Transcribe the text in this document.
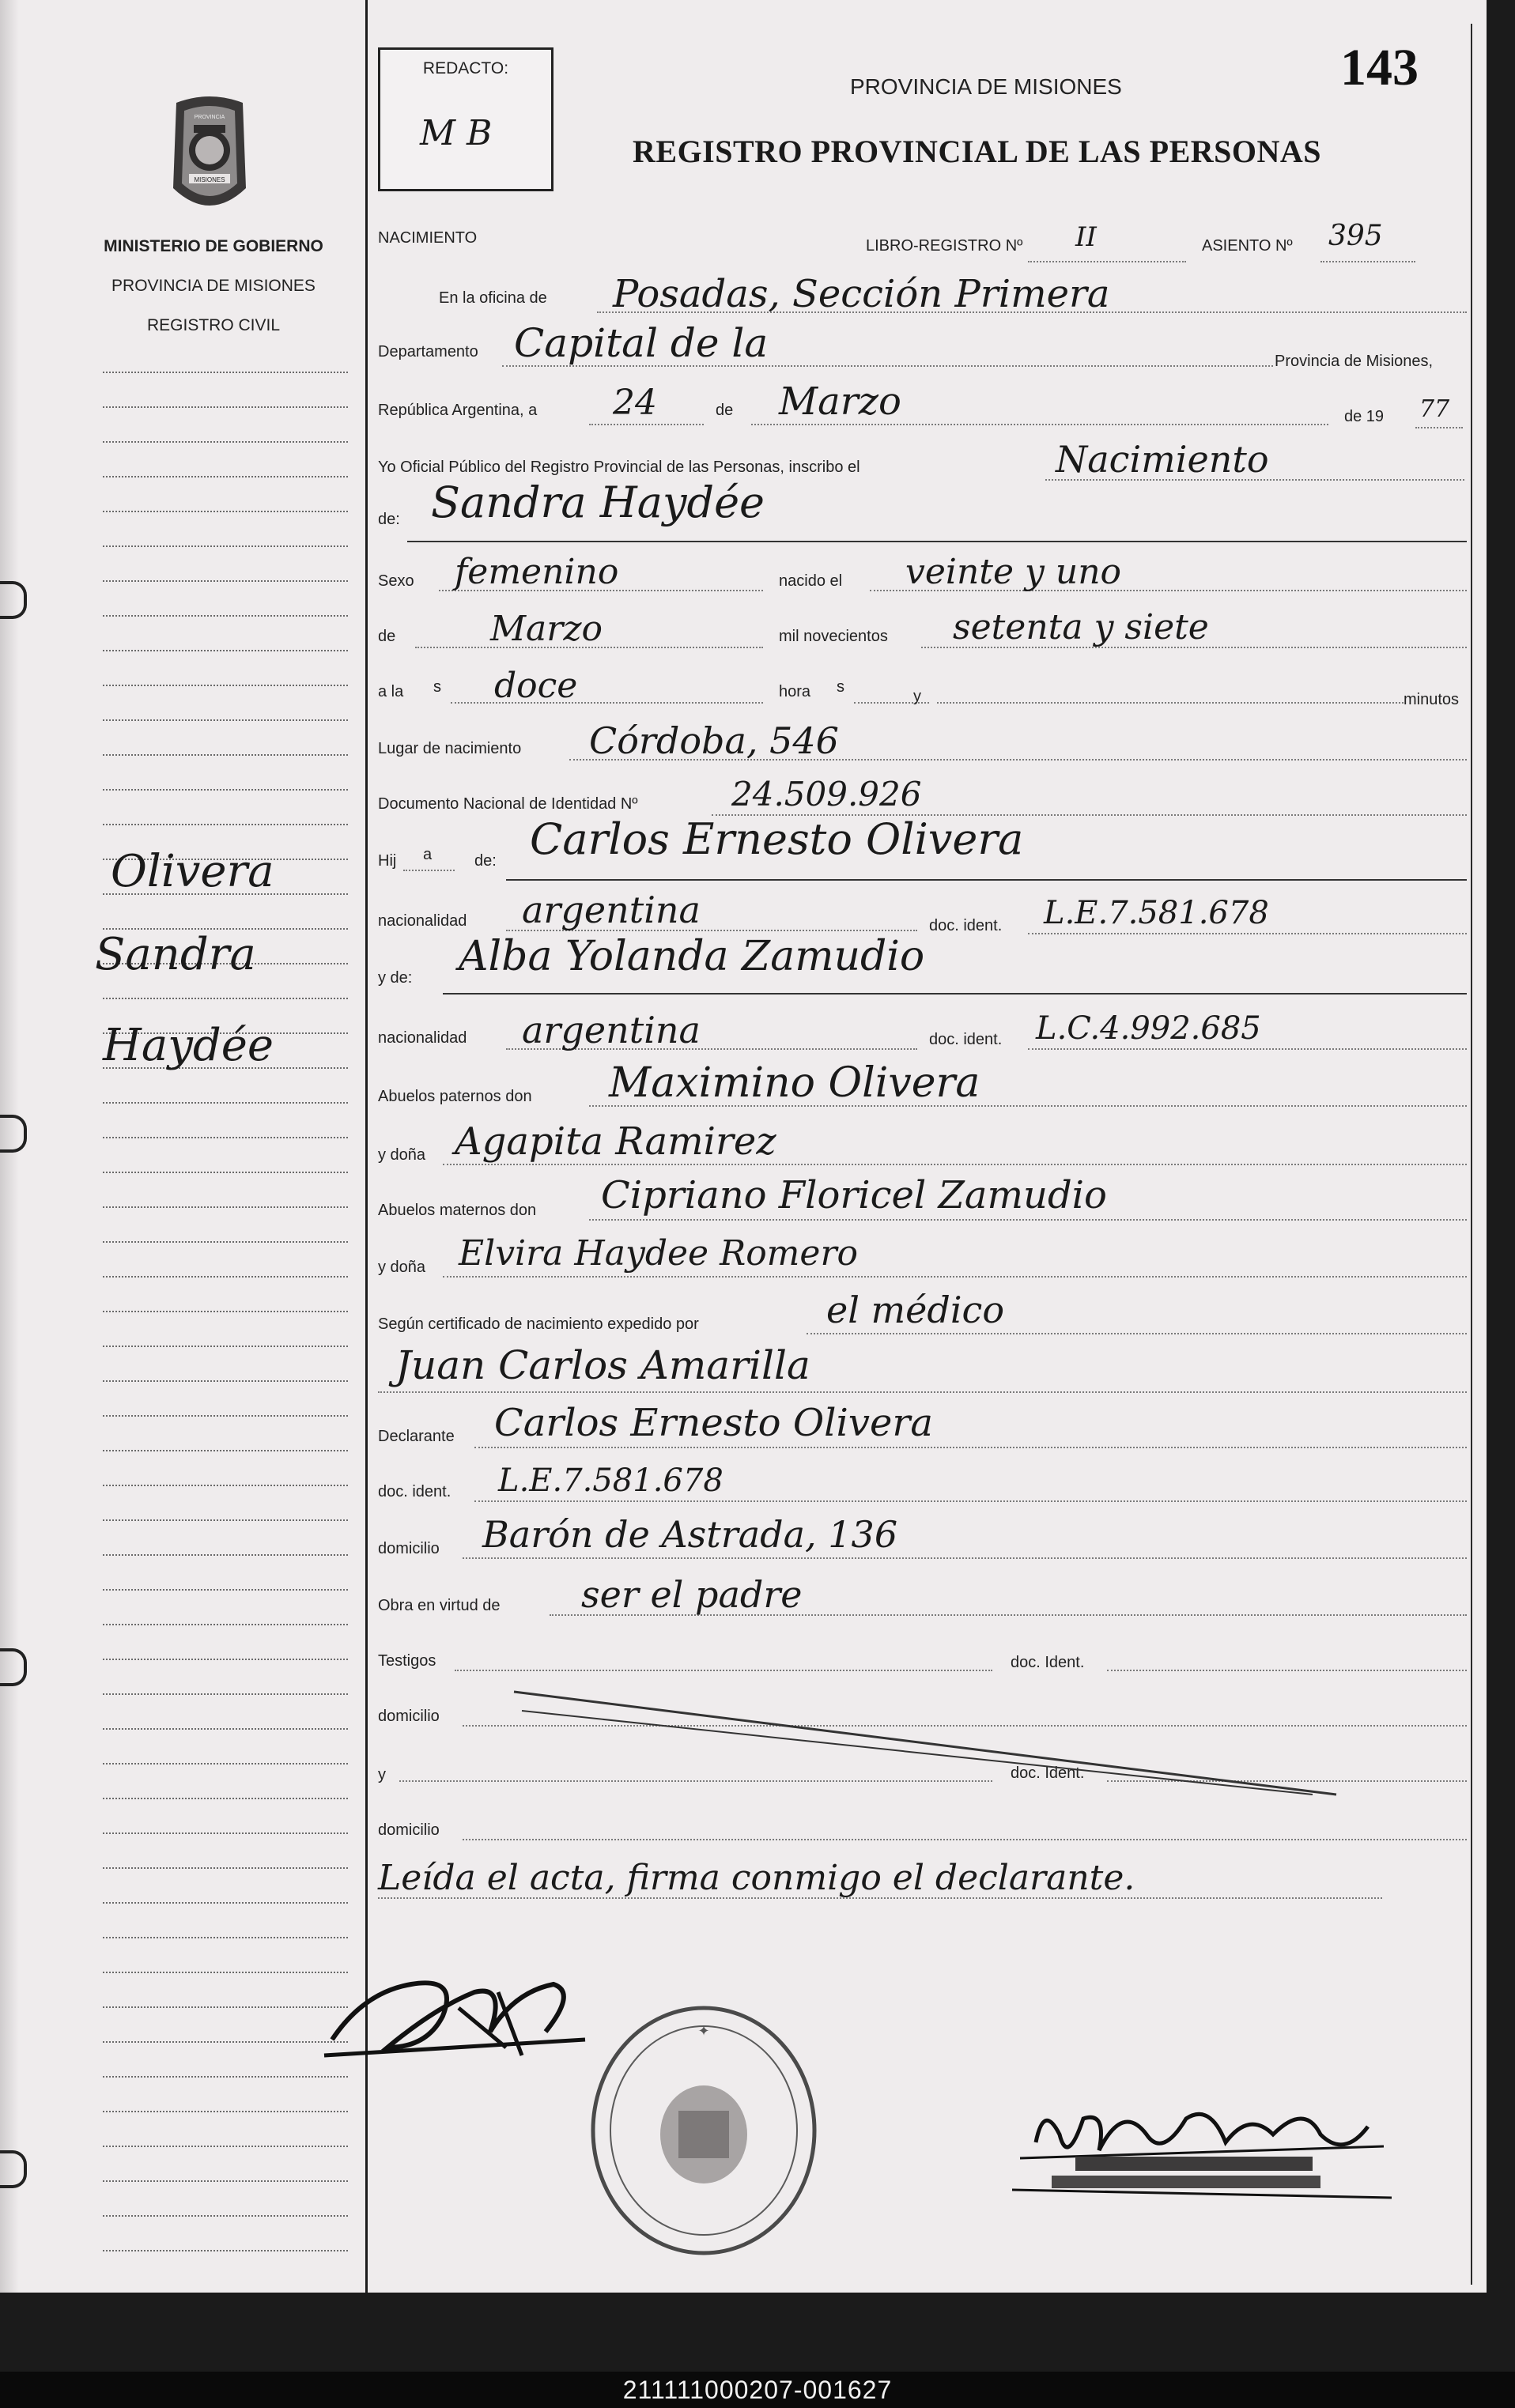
MISIONES
PROVINCIA
MINISTERIO DE GOBIERNO
PROVINCIA DE MISIONES
REGISTRO CIVIL
Olivera
Sandra
Haydée
REDACTO:
M B
PROVINCIA DE MISIONES
REGISTRO PROVINCIAL DE LAS PERSONAS
143
NACIMIENTO	LIBRO-REGISTRO Nº II	ASIENTO Nº 395
En la oficina de Posadas, Sección Primera
Departamento Capital de la	Provincia de Misiones,
República Argentina, a 24	de Marzo	de 19 77
Yo Oficial Público del Registro Provincial de las Personas, inscribo el	Nacimiento
de: Sandra Haydée
Sexo femenino	nacido el veinte y uno
de	Marzo	mil novecientos setenta y siete
a la s doce	hora s
y	minutos
Lugar de nacimiento Córdoba, 546
Documento Nacional de Identidad Nº	24.509.926
Hij a	de: Carlos Ernesto Olivera
nacionalidad argentina	doc. ident. L.E.7.581.678
y de: Alba Yolanda Zamudio
nacionalidad argentina	doc. ident. L.C.4.992.685
Abuelos paternos don Maximino Olivera
y doña Agapita Ramirez
Abuelos maternos don Cipriano Floricel Zamudio
y doña Elvira Haydee Romero
Según certificado de nacimiento expedido por	el médico
Juan Carlos Amarilla
Declarante Carlos Ernesto Olivera
doc. ident. L.E.7.581.678
domicilio Barón de Astrada, 136
Obra en virtud de ser el padre
Testigos	doc. Ident.
domicilio
y	doc. Ident.
domicilio
Leída el acta, firma conmigo el declarante.
✦
211111000207-001627
